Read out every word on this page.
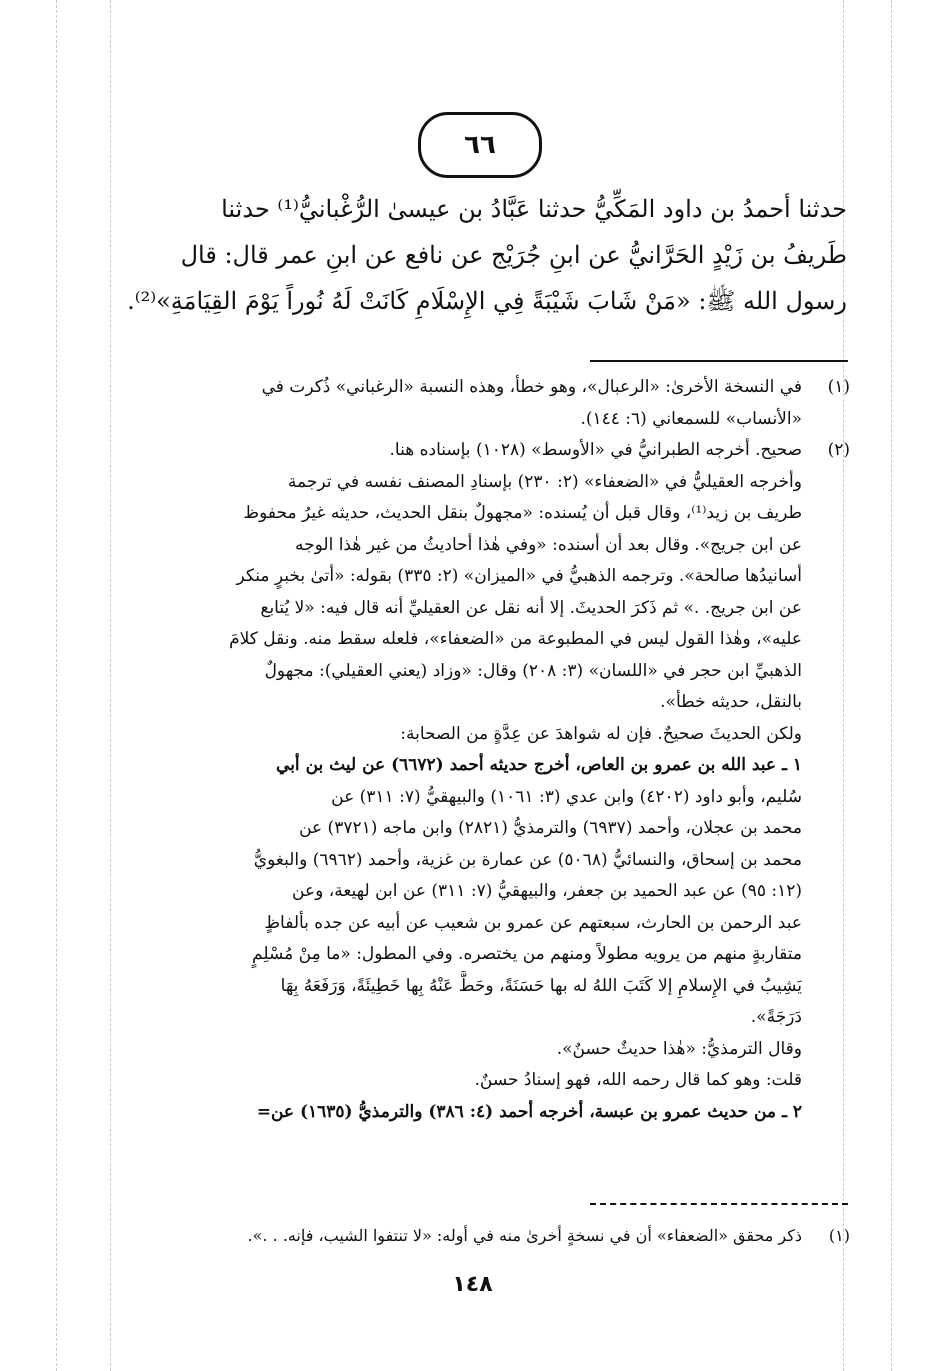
٦٦
حدثنا أحمدُ بن داود المَكِّيُّ حدثنا عَبَّادُ بن عيسىٰ الرُّغْبانيُّ⁽¹⁾ حدثنا
طَريفُ بن زَيْدٍ الحَرَّانيُّ عن ابنِ جُرَيْج عن نافع عن ابنِ عمر قال: قال
رسول الله ﷺ: «مَنْ شَابَ شَيْبَةً فِي الإِسْلَامِ كَانَتْ لَهُ نُوراً يَوْمَ القِيَامَةِ»⁽²⁾.
(١)
في النسخة الأخرىٰ: «الرعبال»، وهو خطأ، وهذه النسبة «الرغباني» ذُكرت في
«الأنساب» للسمعاني (٦: ١٤٤).
(٢)
صحيح. أخرجه الطبرانيُّ في «الأوسط» (١٠٢٨) بإسناده هنا.
وأخرجه العقيليُّ في «الضعفاء» (٢: ٢٣٠) بإسنادِ المصنف نفسه في ترجمة
طريف بن زيد⁽¹⁾، وقال قبل أن يُسنده: «مجهولٌ بنقل الحديث، حديثه غيرُ محفوظ
عن ابن جريج». وقال بعد أن أسنده: «وفي هٰذا أحاديثُ من غير هٰذا الوجه
أسانيدُها صالحة». وترجمه الذهبيُّ في «الميزان» (٢: ٣٣٥) بقوله: «أتىٰ بخبرٍ منكر
عن ابن جريج. .» ثم ذَكرَ الحديثَ. إلا أنه نقل عن العقيليِّ أنه قال فيه: «لا يُتابع
عليه»، وهٰذا القول ليس في المطبوعة من «الضعفاء»، فلعله سقط منه. ونقل كلامَ
الذهبيِّ ابن حجر في «اللسان» (٣: ٢٠٨) وقال: «وزاد (يعني العقيلي): مجهولٌ
بالنقل، حديثه خطأ».
ولكن الحديثَ صحيحٌ. فإن له شواهدَ عن عِدَّةٍ من الصحابة:
١ ـ عبد الله بن عمرو بن العاص، أخرج حديثه أحمد (٦٦٧٢) عن ليث بن أبي
سُليم، وأبو داود (٤٢٠٢) وابن عدي (٣: ١٠٦١) والبيهقيُّ (٧: ٣١١) عن
محمد بن عجلان، وأحمد (٦٩٣٧) والترمذيُّ (٢٨٢١) وابن ماجه (٣٧٢١) عن
محمد بن إسحاق، والنسائيُّ (٥٠٦٨) عن عمارة بن غزية، وأحمد (٦٩٦٢) والبغويُّ
(١٢: ٩٥) عن عبد الحميد بن جعفر، والبيهقيُّ (٧: ٣١١) عن ابن لهيعة، وعن
عبد الرحمن بن الحارث، سبعتهم عن عمرو بن شعيب عن أبيه عن جده بألفاظٍ
متقاربةٍ منهم من يرويه مطولاً ومنهم من يختصره. وفي المطول: «ما مِنْ مُسْلِمٍ
يَشِيبُ في الإِسلامِ إلا كَتَبَ اللهُ له بها حَسَنَةً، وحَطَّ عَنْهُ بِها خَطِيئَةً، وَرَفَعَهُ بِهَا
دَرَجَةً».
وقال الترمذيُّ: «هٰذا حديثٌ حسنٌ».
قلت: وهو كما قال رحمه الله، فهو إسنادُ حسنٌ.
٢ ـ من حديث عمرو بن عبسة، أخرجه أحمد (٤: ٣٨٦) والترمذيُّ (١٦٣٥) عن=
(١)
ذكر محقق «الضعفاء» أن في نسخةٍ أخرىٰ منه في أوله: «لا تنتفوا الشيب، فإنه. . .».
١٤٨
